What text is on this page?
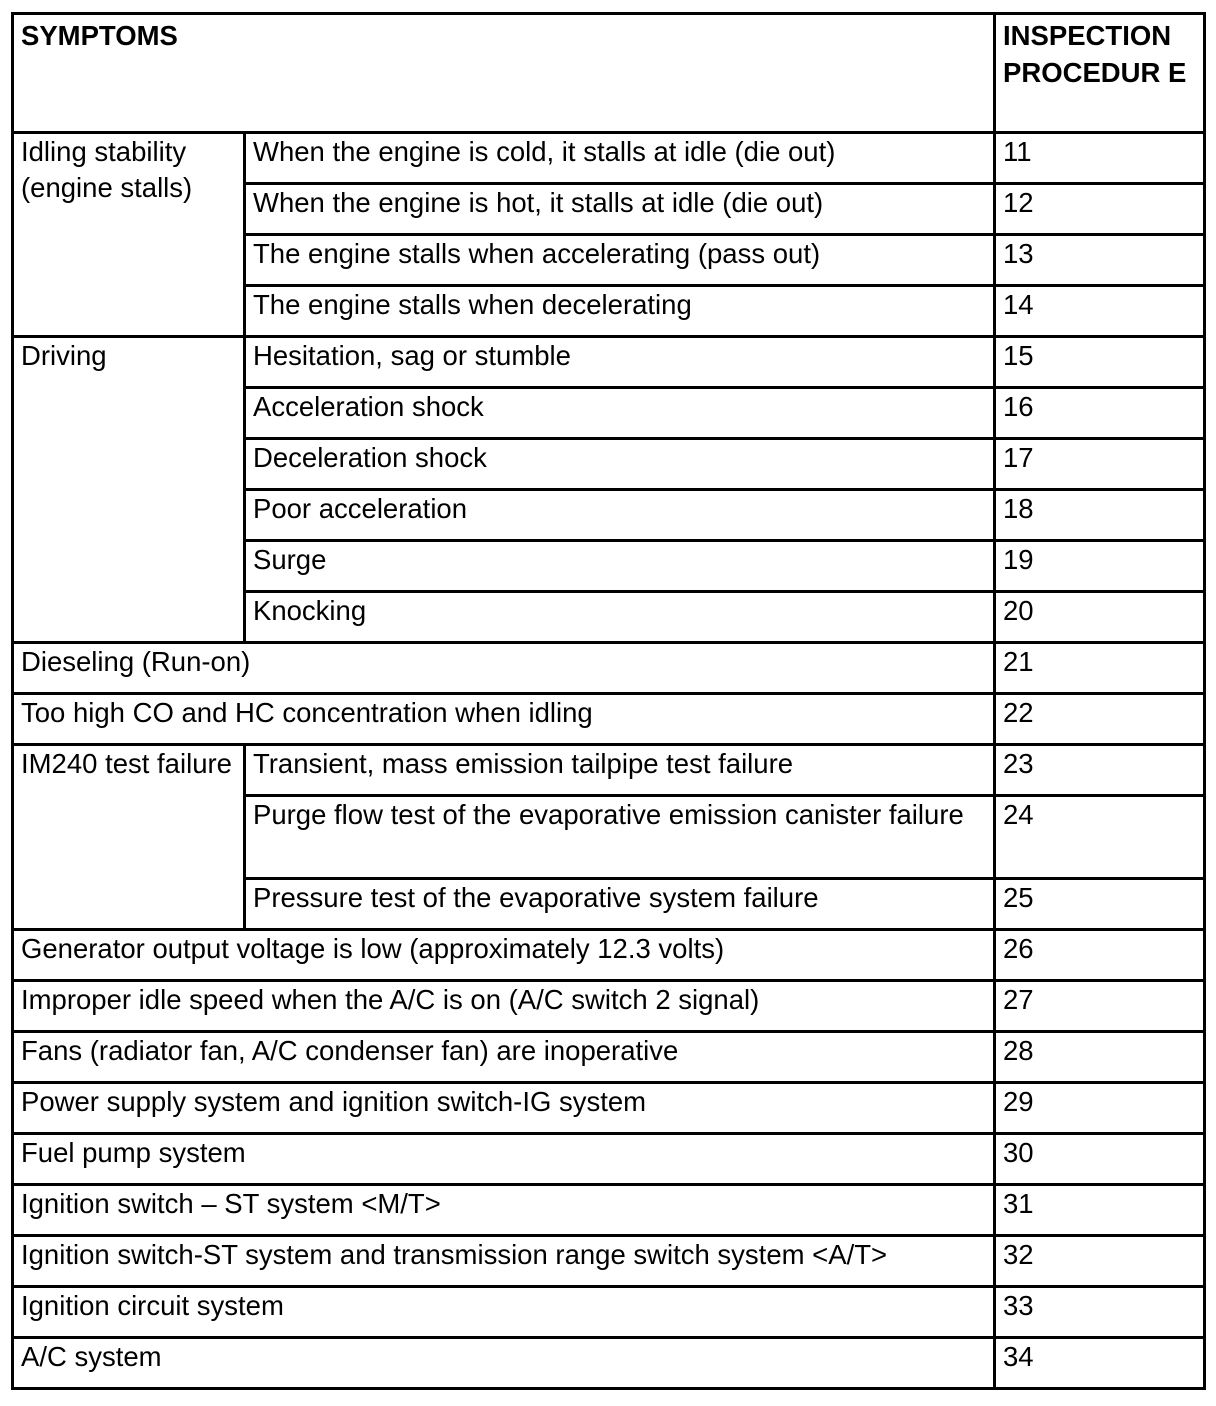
SYMPTOMS		INSPECTION PROCEDUR E
Idling stability (engine stalls)	When the engine is cold, it stalls at idle (die out)	11
	When the engine is hot, it stalls at idle (die out)	12
	The engine stalls when accelerating (pass out)	13
	The engine stalls when decelerating	14
Driving	Hesitation, sag or stumble	15
	Acceleration shock	16
	Deceleration shock	17
	Poor acceleration	18
	Surge	19
	Knocking	20
Dieseling (Run-on)		21
Too high CO and HC concentration when idling		22
IM240 test failure	Transient, mass emission tailpipe test failure	23
	Purge flow test of the evaporative emission canister failure	24
	Pressure test of the evaporative system failure	25
Generator output voltage is low (approximately 12.3 volts)		26
Improper idle speed when the A/C is on (A/C switch 2 signal)		27
Fans (radiator fan, A/C condenser fan) are inoperative		28
Power supply system and ignition switch-IG system		29
Fuel pump system		30
Ignition switch – ST system <M/T>		31
Ignition switch-ST system and transmission range switch system <A/T>		32
Ignition circuit system		33
A/C system		34
